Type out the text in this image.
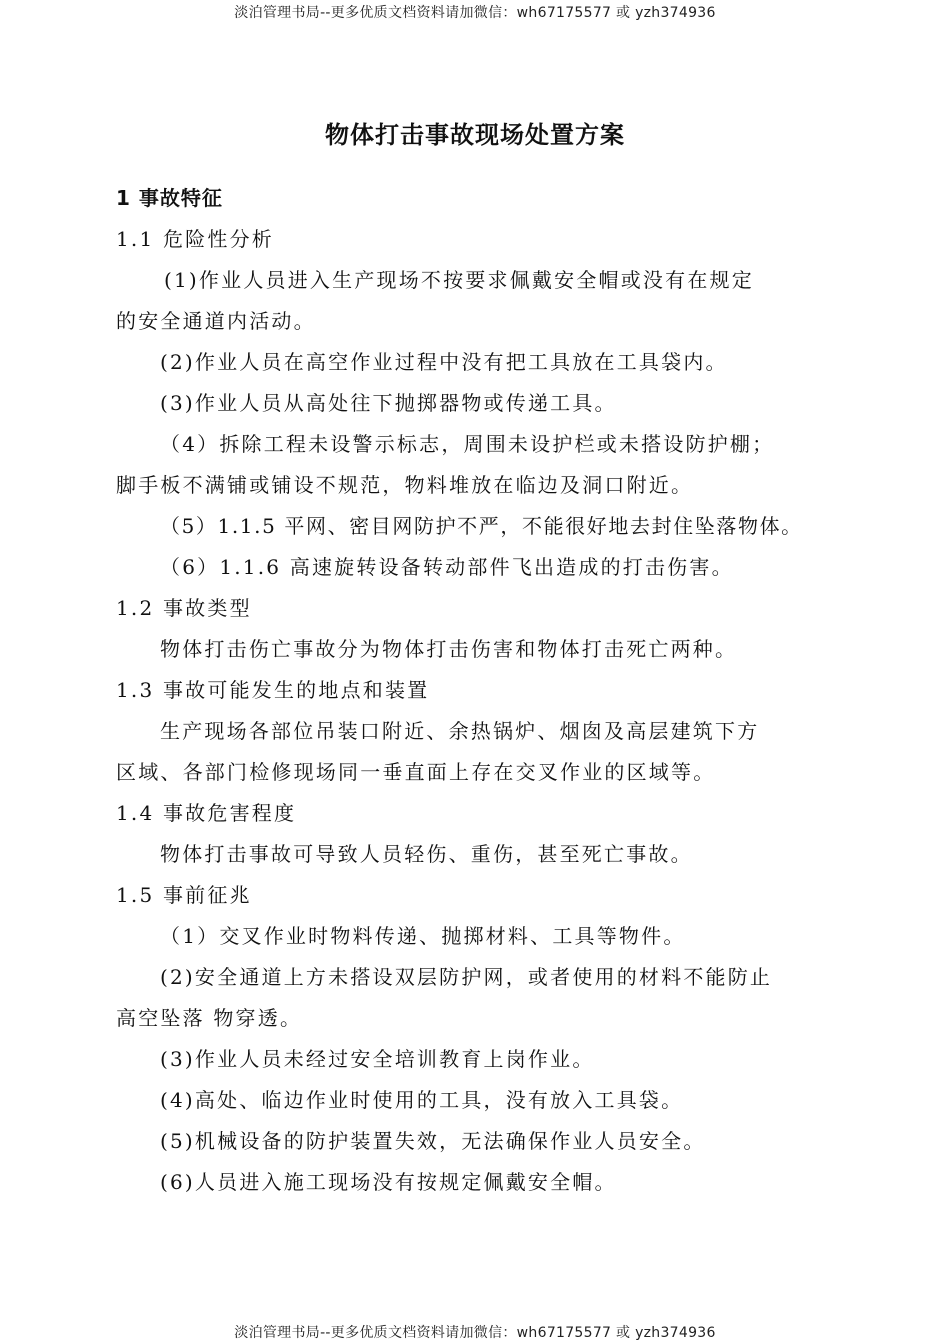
淡泊管理书局--更多优质文档资料请加微信：wh67175577 或 yzh374936
物体打击事故现场处置方案
1 事故特征
1.1 危险性分析
(1)作业人员进入生产现场不按要求佩戴安全帽或没有在规定
的安全通道内活动。
(2)作业人员在高空作业过程中没有把工具放在工具袋内。
(3)作业人员从高处往下抛掷器物或传递工具。
（4）拆除工程未设警示标志，周围未设护栏或未搭设防护棚；
脚手板不满铺或铺设不规范，物料堆放在临边及洞口附近。
（5）1.1.5 平网、密目网防护不严，不能很好地去封住坠落物体。
（6）1.1.6 高速旋转设备转动部件飞出造成的打击伤害。
1.2 事故类型
物体打击伤亡事故分为物体打击伤害和物体打击死亡两种。
1.3 事故可能发生的地点和装置
生产现场各部位吊装口附近、余热锅炉、烟囱及高层建筑下方
区域、各部门检修现场同一垂直面上存在交叉作业的区域等。
1.4 事故危害程度
物体打击事故可导致人员轻伤、重伤，甚至死亡事故。
1.5 事前征兆
（1）交叉作业时物料传递、抛掷材料、工具等物件。
(2)安全通道上方未搭设双层防护网，或者使用的材料不能防止
高空坠落 物穿透。
(3)作业人员未经过安全培训教育上岗作业。
(4)高处、临边作业时使用的工具，没有放入工具袋。
(5)机械设备的防护装置失效，无法确保作业人员安全。
(6)人员进入施工现场没有按规定佩戴安全帽。
淡泊管理书局--更多优质文档资料请加微信：wh67175577 或 yzh374936
